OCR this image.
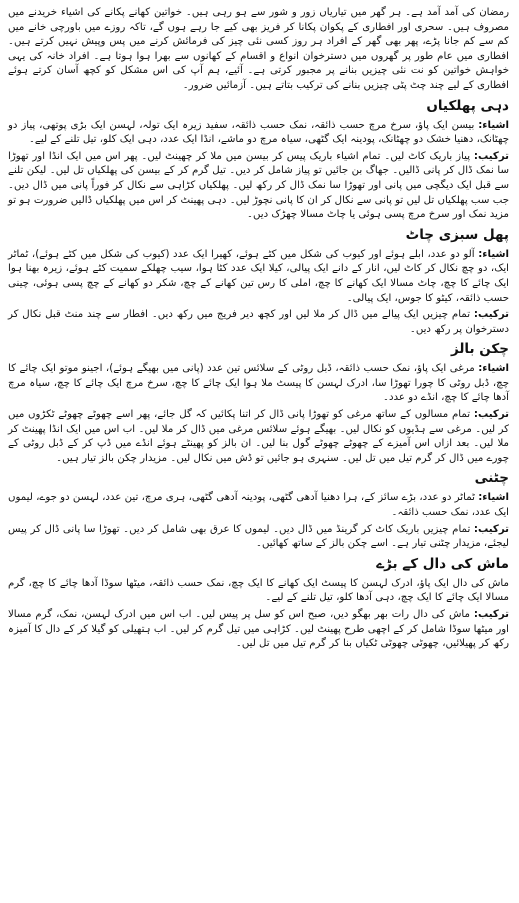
رمضان کی آمد آمد ہے۔ ہر گھر میں تیاریاں زور و شور سے ہو رہی ہیں۔ خواتین کھانے پکانے کی اشیاء خریدنے میں مصروف ہیں۔ سحری اور افطاری کے پکوان پکانا کر فریز بھی کیے جا رہے ہوں گے، تاکہ روزے میں باورچی خانے میں کم سے کم جانا پڑے، پھر بھی گھر کے افراد ہر روز کسی نئی چیز کی فرمائش کرنے میں پس وپیش نہیں کرتے ہیں۔ افطاری میں عام طور پر گھروں میں دسترخوان انواع و اقسام کے کھانوں سے بھرا ہوا ہوتا ہے۔ افراد خانہ کی یہی خواہش خواتین کو نت نئی چیزیں بنانے پر مجبور کرتی ہے۔ آئیے، ہم آپ کی اس مشکل کو کچھ آسان کرتے ہوئے افطاری کے لیے چند چٹ پٹی چیزیں بنانے کی ترکیب بتاتے ہیں۔ آزمائیں ضرور۔

دہی پھلکیاں

اشیاء: بیسن ایک پاؤ، سرخ مرچ حسب ذائقہ، نمک حسب ذائقہ، سفید زیرہ ایک تولہ، لہسن ایک بڑی پوتھی، پیاز دو چھٹانک، دھنیا خشک دو چھٹانک، پودینہ ایک گٹھی، سیاہ مرچ دو ماشے، انڈا ایک عدد، دہی ایک کلو، تیل تلنے کے لیے۔

ترکیب: پیاز باریک کاٹ لیں۔ تمام اشیاء باریک پیس کر بیسن میں ملا کر چھینٹ لیں۔ پھر اس میں ایک انڈا اور تھوڑا سا نمک ڈال کر پانی ڈالیں۔ جھاگ بن جائیں تو پیاز شامل کر دیں۔ تیل گرم کر کے بیسن کی پھلکیاں تل لیں۔ لیکن تلنے سے قبل ایک دیگچی میں پانی اور تھوڑا سا نمک ڈال کر رکھ لیں۔ پھلکیاں کڑاہی سے نکال کر فوراً پانی میں ڈال دیں۔ جب سب پھلکیاں تل لیں تو پانی سے نکال کر ان کا پانی نچوڑ لیں۔ دہی پھینٹ کر اس میں پھلکیاں ڈالیں ضرورت ہو تو مزید نمک اور سرخ مرچ پسی ہوئی یا چاٹ مسالا چھڑک دیں۔

پھل سبزی چاٹ

اشیاء: آلو دو عدد، ابلے ہوئے اور کیوب کی شکل میں کٹے ہوئے، کھیرا ایک عدد (کیوب کی شکل میں کٹے ہوئے)، ٹماٹر ایک، دو چچ نکال کر کاٹ لیں، انار کے دانے ایک پیالی، کیلا ایک عدد کٹا ہوا، سیب چھلکے سمیت کٹے ہوئے، زیرہ بھنا ہوا ایک چائے کا چچ، چاٹ مسالا ایک کھانے کا چچ، املی کا رس تین کھانے کے چچ، شکر دو کھانے کے چچ پسی ہوئی، چینی حسب ذائقہ، کیٹو کا جوس، ایک پیالی۔

ترکیب: تمام چیزیں ایک پیالے میں ڈال کر ملا لیں اور کچھ دیر فریج میں رکھ دیں۔ افطار سے چند منٹ قبل نکال کر دسترخوان پر رکھ دیں۔

چکن بالز

اشیاء: مرغی ایک پاؤ، نمک حسب ذائقہ، ڈبل روٹی کے سلائس تین عدد (پانی میں بھیگے ہوئے)، اجینو موتو ایک چائے کا چچ، ڈبل روٹی کا چورا تھوڑا سا، ادرک لہسن کا پیسٹ ملا ہوا ایک چائے کا چچ، سرخ مرچ ایک چائے کا چچ، سیاہ مرچ آدھا چائے کا چچ، انڈے دو عدد۔

ترکیب: تمام مسالوں کے ساتھ مرغی کو تھوڑا پانی ڈال کر اتنا پکائیں کہ گل جائے، پھر اسے چھوٹے چھوٹے ٹکڑوں میں کر لیں۔ مرغی سے ہڈیوں کو نکال لیں۔ بھیگے ہوئے سلائس مرغی میں ڈال کر ملا لیں۔ اب اس میں ایک انڈا پھینٹ کر ملا لیں۔ بعد ازاں اس آمیزے کے چھوٹے چھوٹے گول بنا لیں۔ ان بالز کو پھینٹے ہوئے انڈے میں ڈپ کر کے ڈبل روٹی کے چورے میں ڈال کر گرم تیل میں تل لیں۔ سنہری ہو جائیں تو ڈش میں نکال لیں۔ مزیدار چکن بالز تیار ہیں۔

چٹنی

اشیاء: ٹماٹر دو عدد، بڑے سائز کے، ہرا دھنیا آدھی گٹھی، پودینہ آدھی گٹھی، ہری مرچ، تین عدد، لہسن دو جوے، لیموں ایک عدد، نمک حسب ذائقہ۔

ترکیب: تمام چیزیں باریک کاٹ کر گرینڈ میں ڈال دیں۔ لیموں کا عرق بھی شامل کر دیں۔ تھوڑا سا پانی ڈال کر پیس لیجئے، مزیدار چٹنی تیار ہے۔ اسے چکن بالز کے ساتھ کھائیں۔

ماش کی دال کے بڑے

ماش کی دال ایک پاؤ، ادرک لہسن کا پیسٹ ایک کھانے کا ایک چچ، نمک حسب ذائقہ، میٹھا سوڈا آدھا چائے کا چچ، گرم مسالا ایک چائے کا ایک چچ، دہی آدھا کلو، تیل تلنے کے لیے۔

ترکیب: ماش کی دال رات بھر بھگو دیں، صبح اس کو سل پر پیس لیں۔ اب اس میں ادرک لہسن، نمک، گرم مسالا اور میٹھا سوڈا شامل کر کے اچھی طرح پھینٹ لیں۔ کڑاہی میں تیل گرم کر لیں۔ اب ہتھیلی کو گیلا کر کے دال کا آمیزہ رکھ کر پھیلائیں، چھوٹی چھوٹی ٹکیاں بنا کر گرم تیل میں تل لیں۔
